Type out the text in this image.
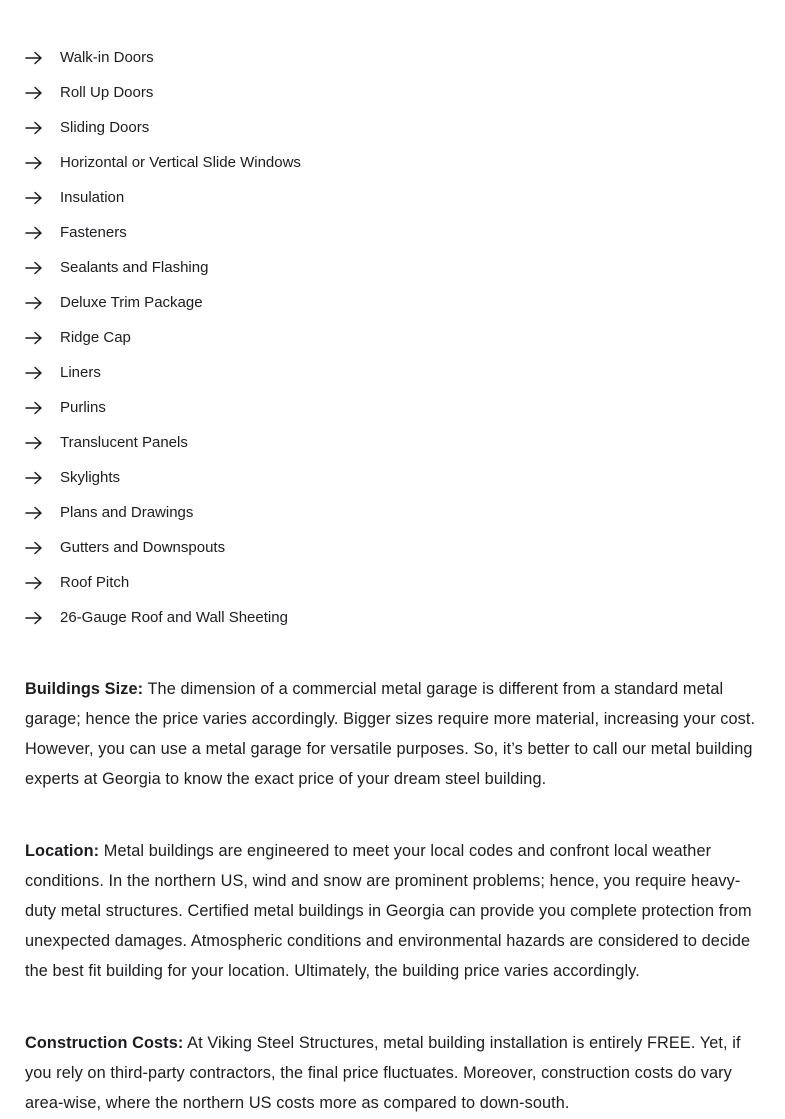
Walk-in Doors
Roll Up Doors
Sliding Doors
Horizontal or Vertical Slide Windows
Insulation
Fasteners
Sealants and Flashing
Deluxe Trim Package
Ridge Cap
Liners
Purlins
Translucent Panels
Skylights
Plans and Drawings
Gutters and Downspouts
Roof Pitch
26-Gauge Roof and Wall Sheeting

Buildings Size: The dimension of a commercial metal garage is different from a standard metal garage; hence the price varies accordingly. Bigger sizes require more material, increasing your cost. However, you can use a metal garage for versatile purposes. So, it’s better to call our metal building experts at Georgia to know the exact price of your dream steel building.

Location: Metal buildings are engineered to meet your local codes and confront local weather conditions. In the northern US, wind and snow are prominent problems; hence, you require heavy-duty metal structures. Certified metal buildings in Georgia can provide you complete protection from unexpected damages. Atmospheric conditions and environmental hazards are considered to decide the best fit building for your location. Ultimately, the building price varies accordingly.

Construction Costs: At Viking Steel Structures, metal building installation is entirely FREE. Yet, if you rely on third-party contractors, the final price fluctuates. Moreover, construction costs do vary area-wise, where the northern US costs more as compared to down-south.
